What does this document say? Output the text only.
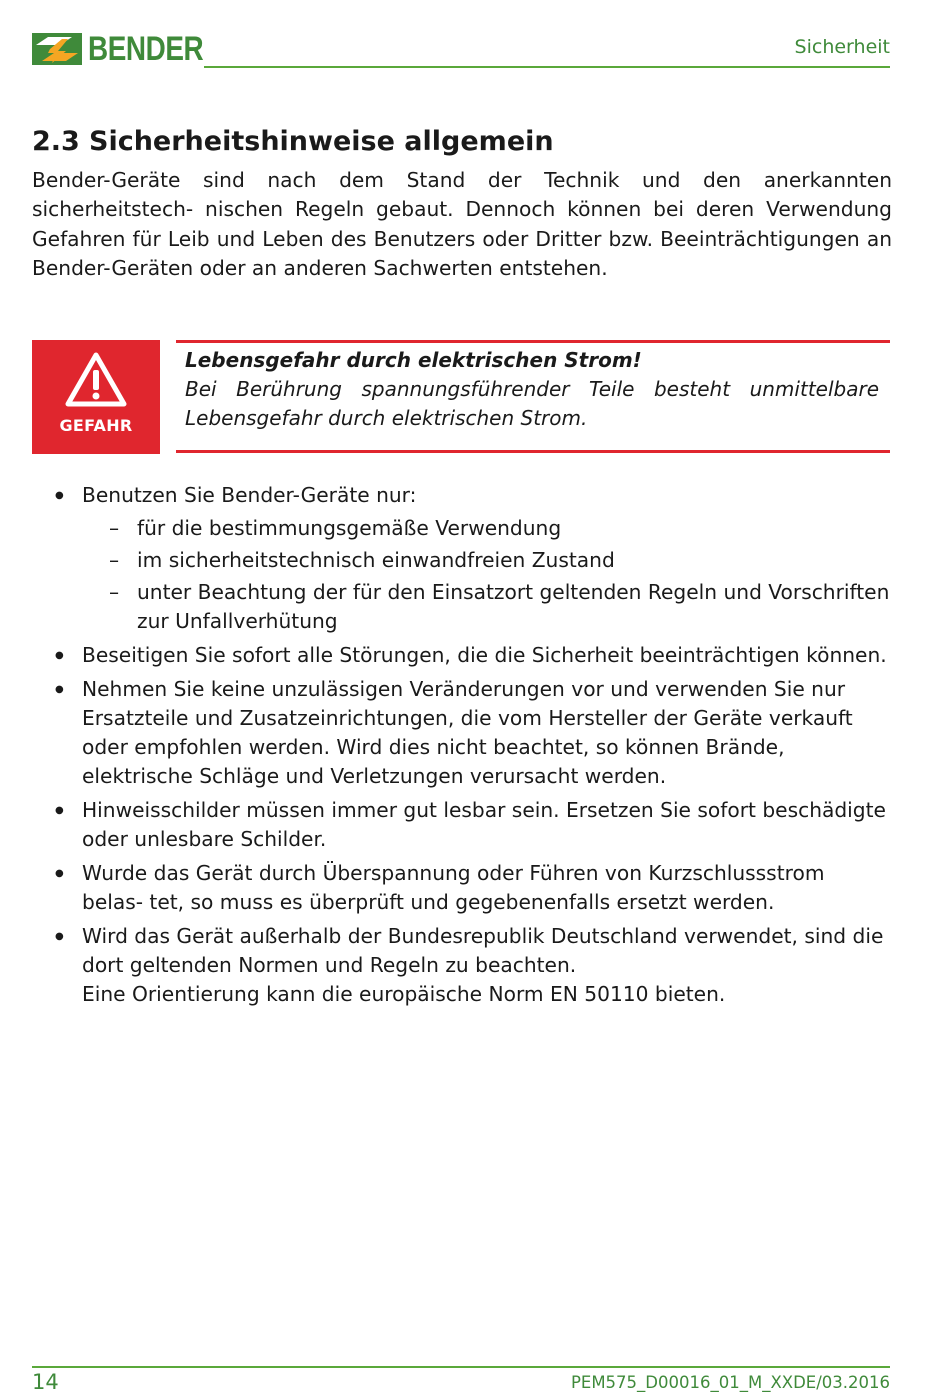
BENDER	Sicherheit
2.3 Sicherheitshinweise allgemein

Bender-Geräte sind nach dem Stand der Technik und den anerkannten sicherheitstech- nischen Regeln gebaut. Dennoch können bei deren Verwendung Gefahren für Leib und Leben des Benutzers oder Dritter bzw. Beeinträchtigungen an Bender-Geräten oder an anderen Sachwerten entstehen.

GEFAHR
Lebensgefahr durch elektrischen Strom!
Bei Berührung spannungsführender Teile besteht unmittelbare Lebensgefahr durch elektrischen Strom.
● Benutzen Sie Bender-Geräte nur:
– für die bestimmungsgemäße Verwendung
– im sicherheitstechnisch einwandfreien Zustand
– unter Beachtung der für den Einsatzort geltenden Regeln und Vorschriften zur Unfallverhütung
● Beseitigen Sie sofort alle Störungen, die die Sicherheit beeinträchtigen können.
● Nehmen Sie keine unzulässigen Veränderungen vor und verwenden Sie nur Ersatzteile und Zusatzeinrichtungen, die vom Hersteller der Geräte verkauft oder empfohlen werden. Wird dies nicht beachtet, so können Brände, elektrische Schläge und Verletzungen verursacht werden.
● Hinweisschilder müssen immer gut lesbar sein. Ersetzen Sie sofort beschädigte oder unlesbare Schilder.
● Wurde das Gerät durch Überspannung oder Führen von Kurzschlussstrom belas- tet, so muss es überprüft und gegebenenfalls ersetzt werden.
● Wird das Gerät außerhalb der Bundesrepublik Deutschland verwendet, sind die dort geltenden Normen und Regeln zu beachten.
Eine Orientierung kann die europäische Norm EN 50110 bieten.
14	PEM575_D00016_01_M_XXDE/03.2016
